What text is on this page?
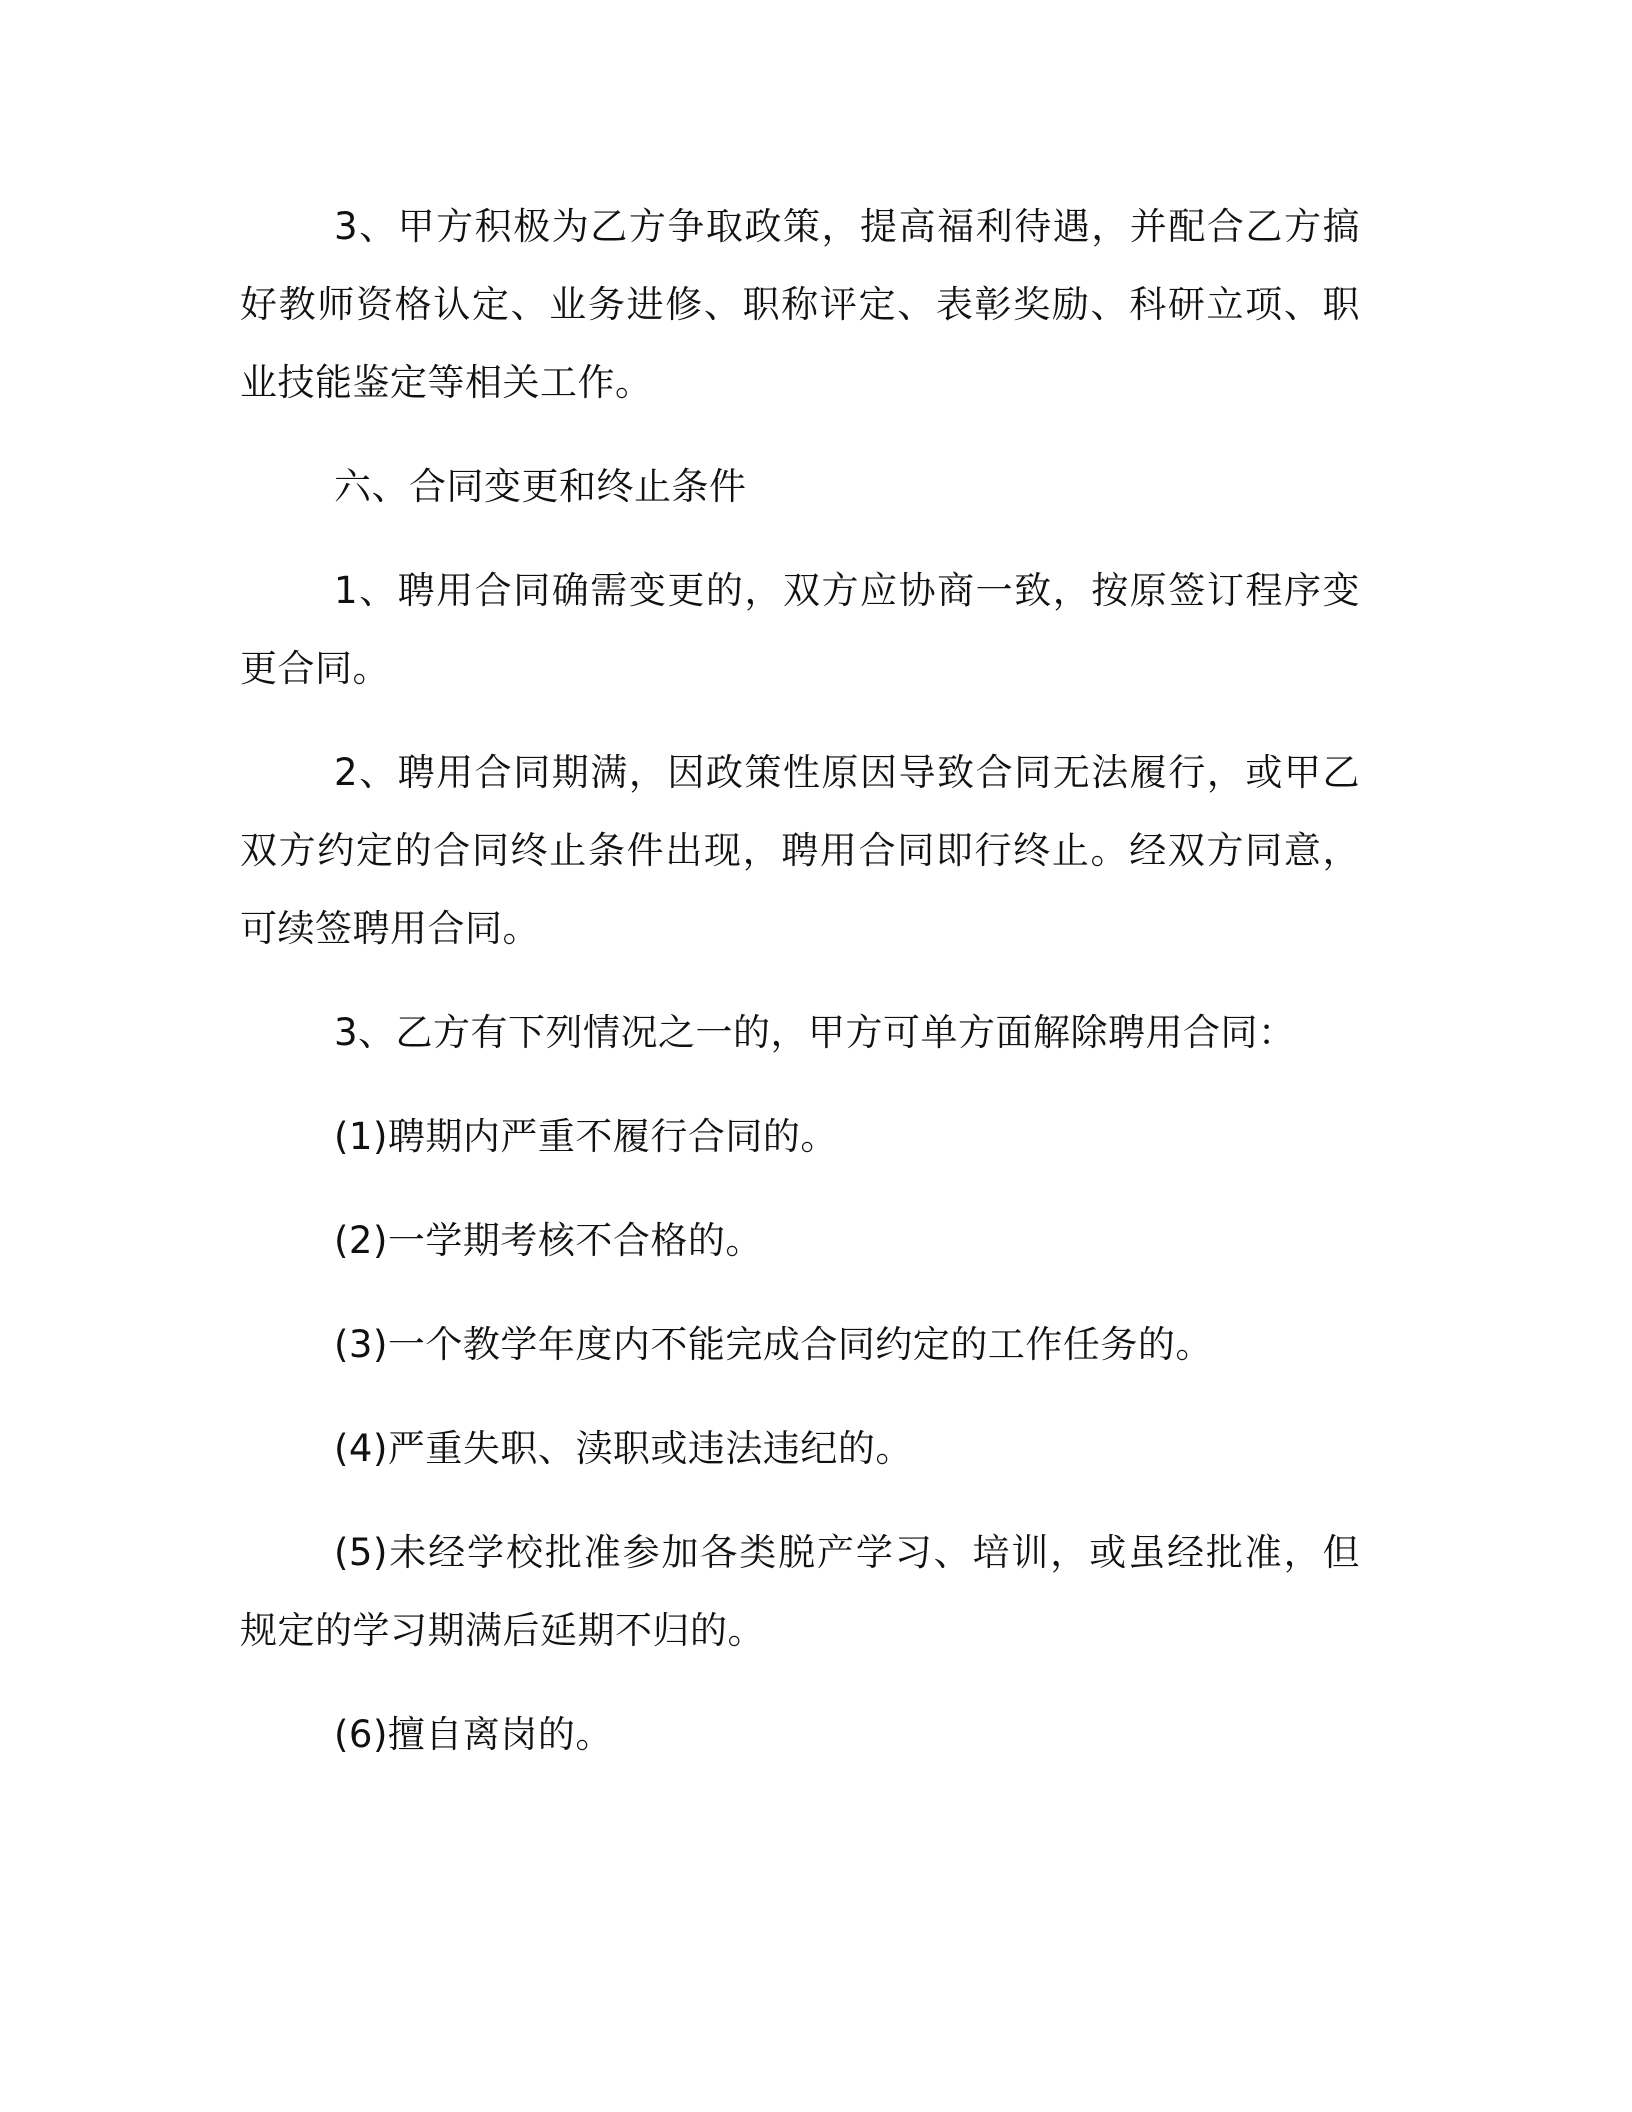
3、甲方积极为乙方争取政策，提高福利待遇，并配合乙方搞好教师资格认定、业务进修、职称评定、表彰奖励、科研立项、职业技能鉴定等相关工作。

六、合同变更和终止条件

1、聘用合同确需变更的，双方应协商一致，按原签订程序变更合同。

2、聘用合同期满，因政策性原因导致合同无法履行，或甲乙双方约定的合同终止条件出现，聘用合同即行终止。经双方同意，可续签聘用合同。

3、乙方有下列情况之一的，甲方可单方面解除聘用合同：

(1)聘期内严重不履行合同的。

(2)一学期考核不合格的。

(3)一个教学年度内不能完成合同约定的工作任务的。

(4)严重失职、渎职或违法违纪的。

(5)未经学校批准参加各类脱产学习、培训，或虽经批准，但规定的学习期满后延期不归的。

(6)擅自离岗的。
